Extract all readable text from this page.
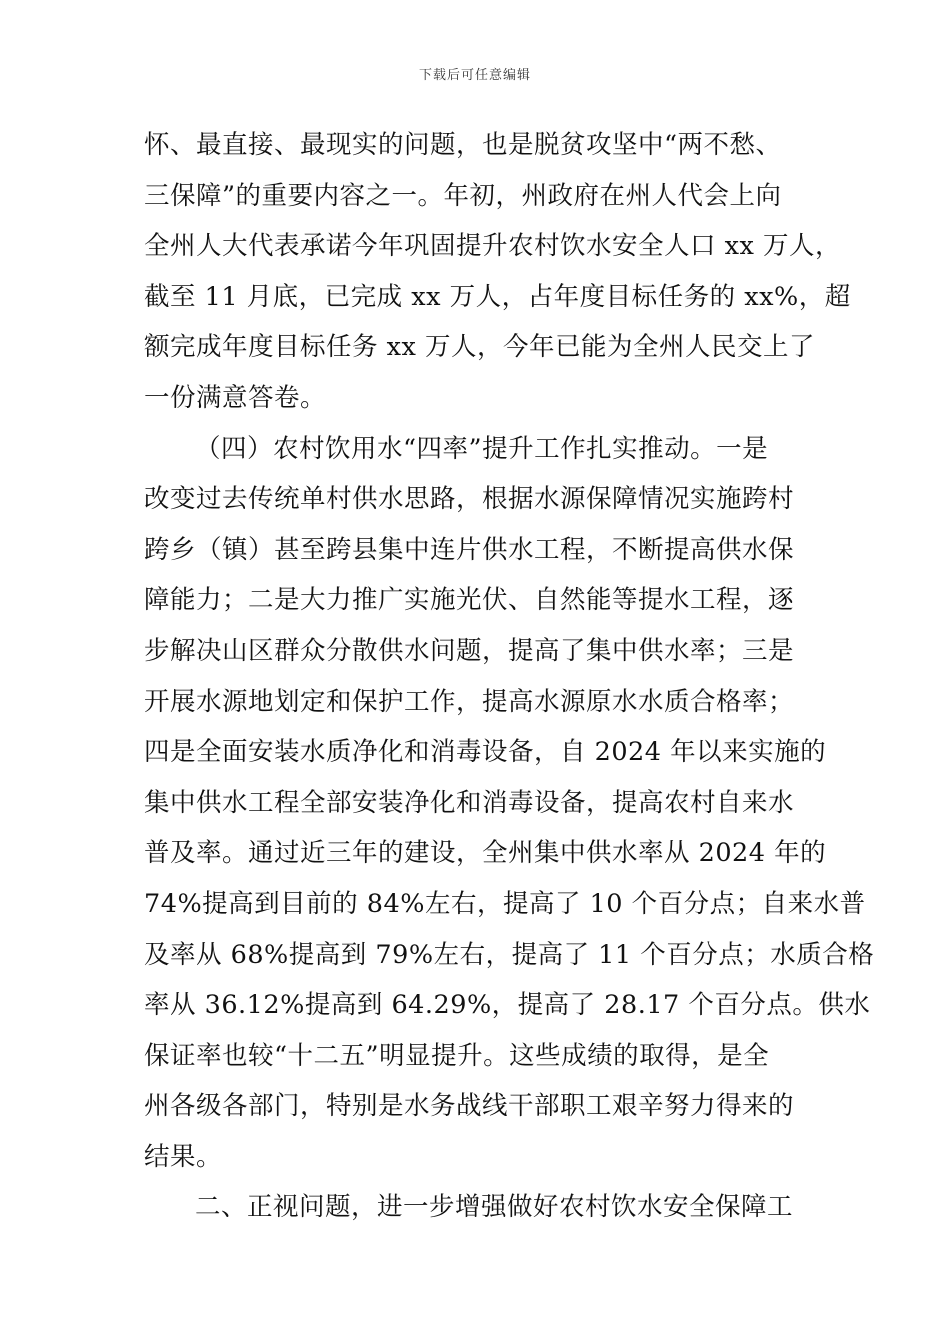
下载后可任意编辑
怀、最直接、最现实的问题，也是脱贫攻坚中“两不愁、
三保障”的重要内容之一。年初，州政府在州人代会上向
全州人大代表承诺今年巩固提升农村饮水安全人口 xx 万人，
截至 11 月底，已完成 xx 万人，占年度目标任务的 xx%，超
额完成年度目标任务 xx 万人，今年已能为全州人民交上了
一份满意答卷。
（四）农村饮用水“四率”提升工作扎实推动。一是
改变过去传统单村供水思路，根据水源保障情况实施跨村
跨乡（镇）甚至跨县集中连片供水工程，不断提高供水保
障能力；二是大力推广实施光伏、自然能等提水工程，逐
步解决山区群众分散供水问题，提高了集中供水率；三是
开展水源地划定和保护工作，提高水源原水水质合格率；
四是全面安装水质净化和消毒设备，自 2024 年以来实施的
集中供水工程全部安装净化和消毒设备，提高农村自来水
普及率。通过近三年的建设，全州集中供水率从 2024 年的
74%提高到目前的 84%左右，提高了 10 个百分点；自来水普
及率从 68%提高到 79%左右，提高了 11 个百分点；水质合格
率从 36.12%提高到 64.29%，提高了 28.17 个百分点。供水
保证率也较“十二五”明显提升。这些成绩的取得，是全
州各级各部门，特别是水务战线干部职工艰辛努力得来的
结果。
二、正视问题，进一步增强做好农村饮水安全保障工
